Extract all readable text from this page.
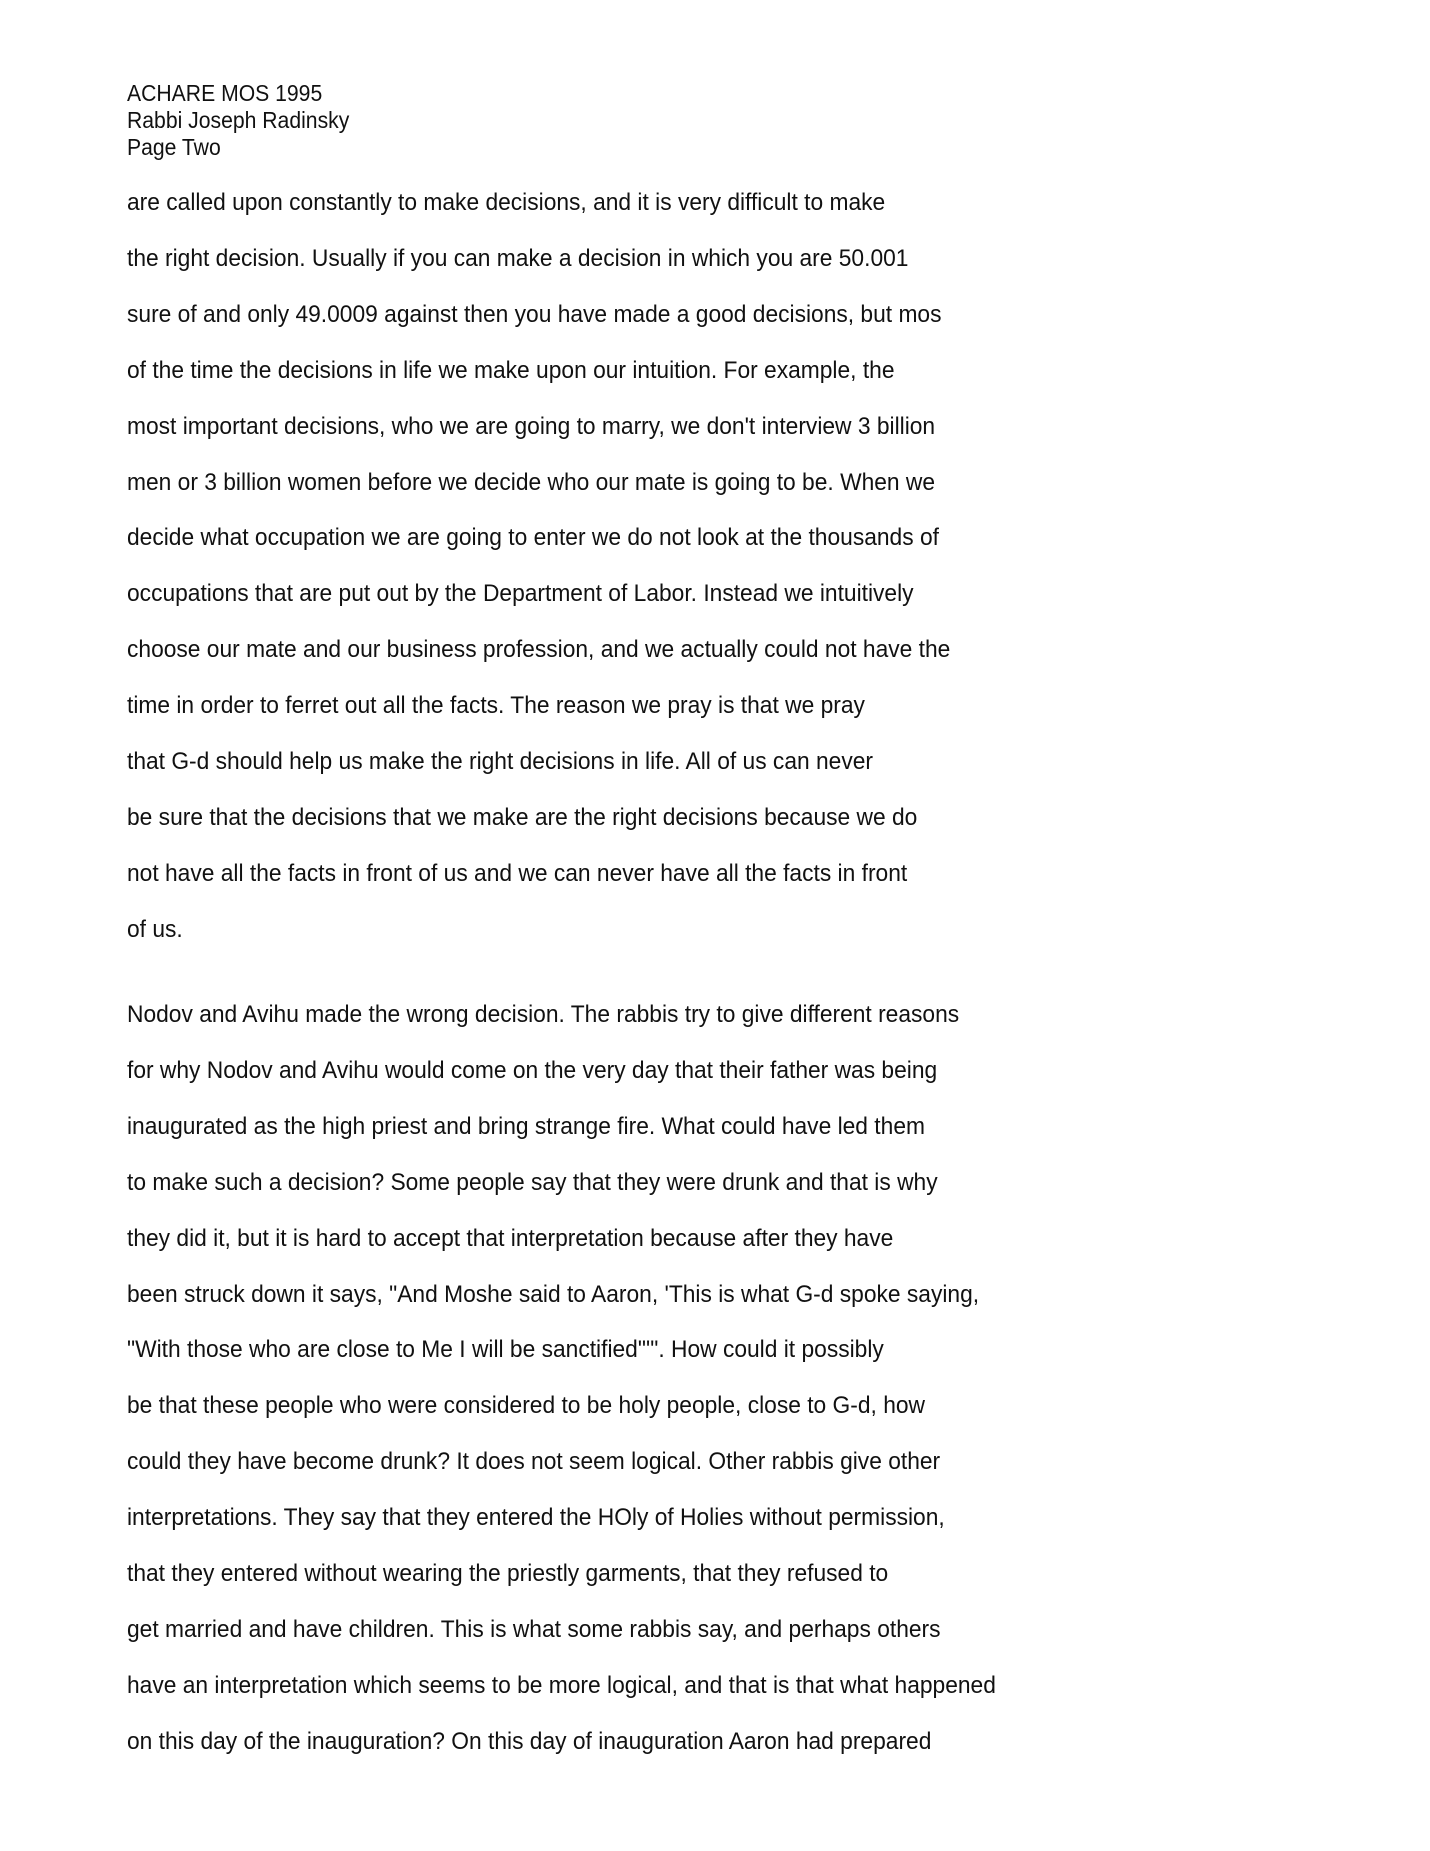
ACHARE MOS 1995
Rabbi Joseph Radinsky
Page Two
are called upon constantly to make decisions, and it is very difficult to make
the right decision. Usually if you can make a decision in which you are 50.001
sure of and only 49.0009 against then you have made a good decisions, but mos
of the time the decisions in life we make upon our intuition. For example, the
most important decisions, who we are going to marry, we don't interview 3 billion
men or 3 billion women before we decide who our mate is going to be. When we
decide what occupation we are going to enter we do not look at the thousands of
occupations that are put out by the Department of Labor. Instead we intuitively
choose our mate and our business profession, and we actually could not have the
time in order to ferret out all the facts. The reason we pray is that we pray
that G-d should help us make the right decisions in life. All of us can never
be sure that the decisions that we make are the right decisions because we do
not have all the facts in front of us and we can never have all the facts in front
of us.
Nodov and Avihu made the wrong decision. The rabbis try to give different reasons
for why Nodov and Avihu would come on the very day that their father was being
inaugurated as the high priest and bring strange fire. What could have led them
to make such a decision? Some people say that they were drunk and that is why
they did it, but it is hard to accept that interpretation because after they have
been struck down it says, "And Moshe said to Aaron, 'This is what G-d spoke saying,
"With those who are close to Me I will be sanctified"'". How could it possibly
be that these people who were considered to be holy people, close to G-d, how
could they have become drunk? It does not seem logical. Other rabbis give other
interpretations. They say that they entered the HOly of Holies without permission,
that they entered without wearing the priestly garments, that they refused to
get married and have children. This is what some rabbis say, and perhaps others
have an interpretation which seems to be more logical, and that is that what happened
on this day of the inauguration? On this day of inauguration Aaron had prepared
